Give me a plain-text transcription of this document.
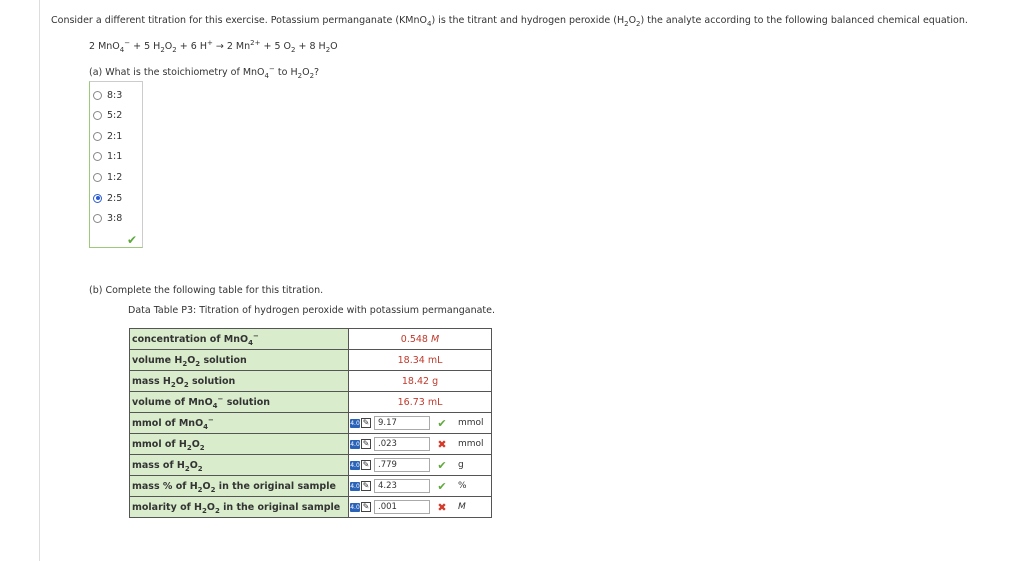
Consider a different titration for this exercise. Potassium permanganate (KMnO$_4$) is the titrant and hydrogen peroxide $(H_2O_2)$ the analyte according to the following balanced chemical equation.
2 MnO$_4$− + 5 $H_2O_2 + 6$ H+ → 2 $Mn^{2+} + 5$ $O_2 + 8$ $H_2O$
(a) What is the stoichiometry of MnO$_4$− to $H_2O_2$?
8:3
5:2
2:1
1:1
1:2
2:5
3:8
✔
(b) Complete the following table for this titration.
Data Table P3: Titration of hydrogen peroxide with potassium permanganate.
concentration of MnO$_4$−	0.548 M
volume $H_2O_2$ solution	18.34 mL
mass $H_2O_2$ solution	18.42 g
volume of MnO$_4$− solution	16.73 mL
mmol of MnO$_4$−	4.0 ✎ 9.17 ✔ mmol

mmol of $H_2O_2$	4.0 ✎ .023 ✖ mmol

mass of $H_2O_2$	4.0 ✎ .779 ✔ g

mass % of $H_2O_2$ in the original sample	4.0 ✎ 4.23 ✔ %

molarity of $H_2O_2$ in the original sample	4.0 ✎ .001 ✖ M
